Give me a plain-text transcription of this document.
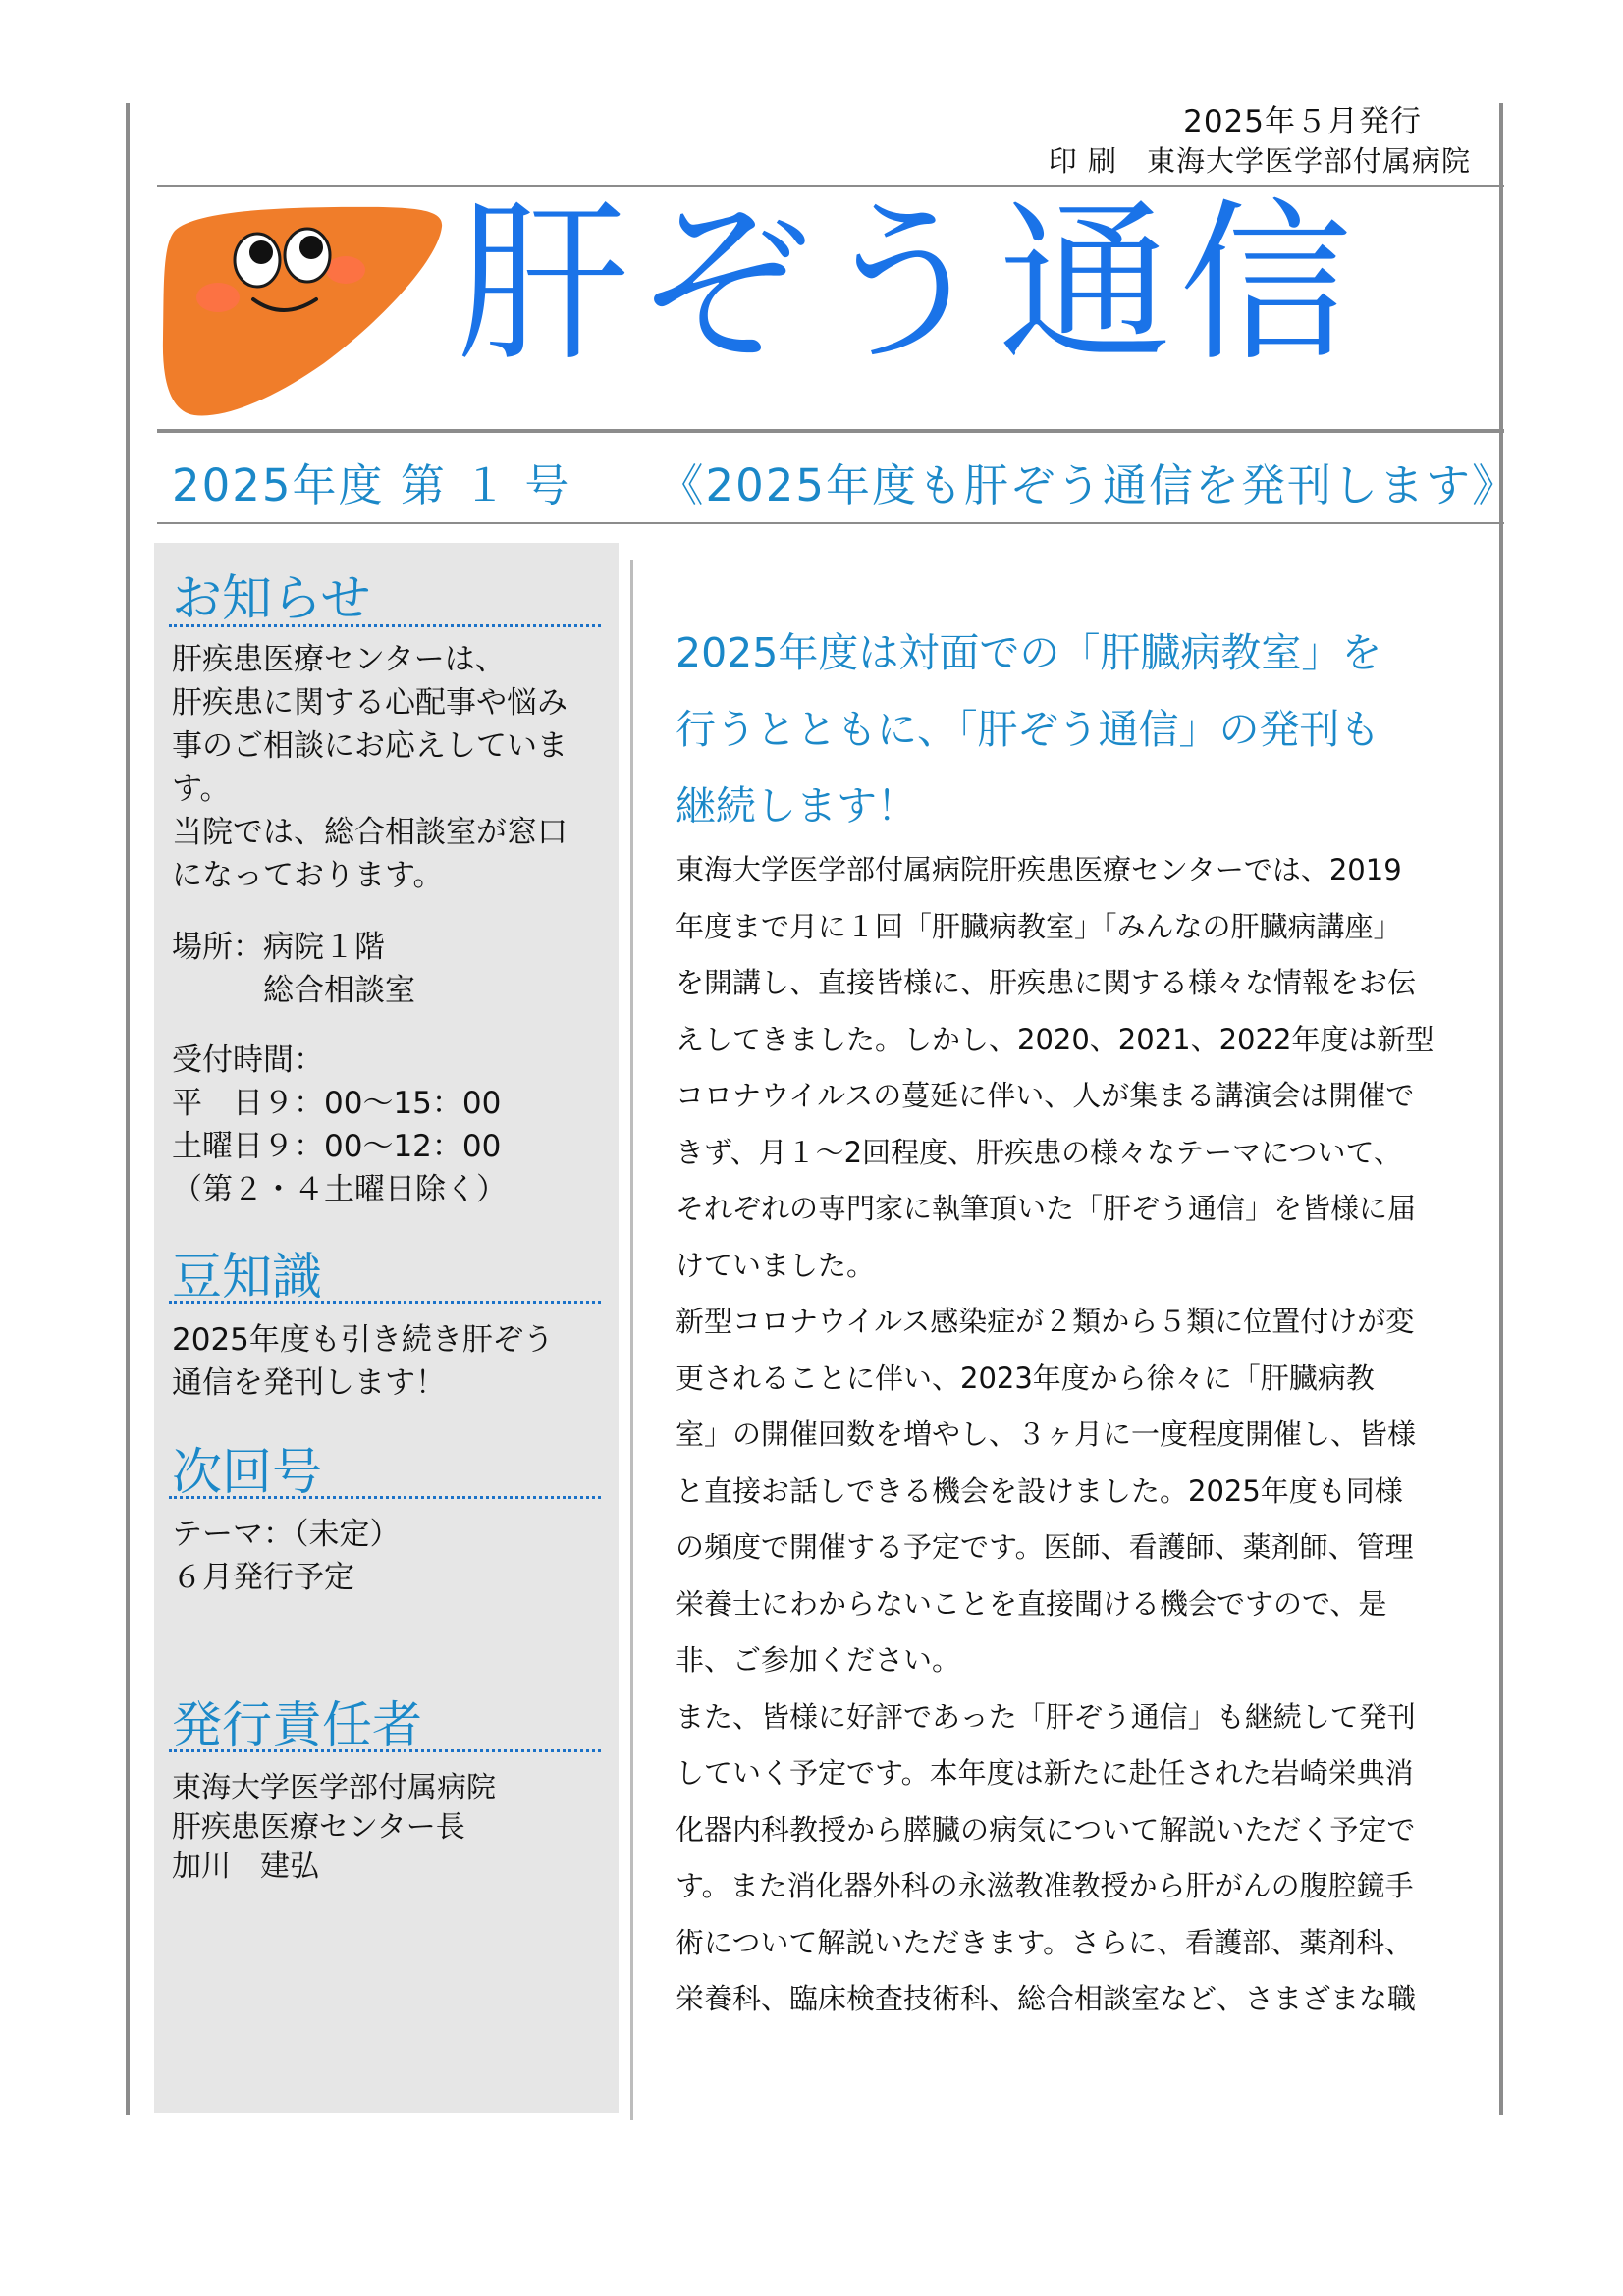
2025年５月発行
印 刷　東海大学医学部付属病院
肝ぞう通信
2025年度 第 １ 号 《2025年度も肝ぞう通信を発刊します》
お知らせ
肝疾患医療センターは、
肝疾患に関する心配事や悩み
事のご相談にお応えしていま
す。
当院では、総合相談室が窓口
になっております。
場所：病院１階
　　　総合相談室
受付時間：
平　日９：00～15：00
土曜日９：00～12：00
（第２・４土曜日除く）
豆知識
2025年度も引き続き肝ぞう
通信を発刊します！
次回号
テーマ：（未定）
６月発行予定
発行責任者
東海大学医学部付属病院
肝疾患医療センター長
加川　建弘
2025年度は対面での「肝臓病教室」を
行うとともに、「肝ぞう通信」の発刊も
継続します！
東海大学医学部付属病院肝疾患医療センターでは、2019
年度まで月に１回「肝臓病教室」「みんなの肝臓病講座」
を開講し、直接皆様に、肝疾患に関する様々な情報をお伝
えしてきました。しかし、2020、2021、2022年度は新型
コロナウイルスの蔓延に伴い、人が集まる講演会は開催で
きず、月１～2回程度、肝疾患の様々なテーマについて、
それぞれの専門家に執筆頂いた「肝ぞう通信」を皆様に届
けていました。
新型コロナウイルス感染症が２類から５類に位置付けが変
更されることに伴い、2023年度から徐々に「肝臓病教
室」の開催回数を増やし、３ヶ月に一度程度開催し、皆様
と直接お話しできる機会を設けました。2025年度も同様
の頻度で開催する予定です。医師、看護師、薬剤師、管理
栄養士にわからないことを直接聞ける機会ですので、是
非、ご参加ください。
また、皆様に好評であった「肝ぞう通信」も継続して発刊
していく予定です。本年度は新たに赴任された岩崎栄典消
化器内科教授から膵臓の病気について解説いただく予定で
す。また消化器外科の永滋教准教授から肝がんの腹腔鏡手
術について解説いただきます。さらに、看護部、薬剤科、
栄養科、臨床検査技術科、総合相談室など、さまざまな職
